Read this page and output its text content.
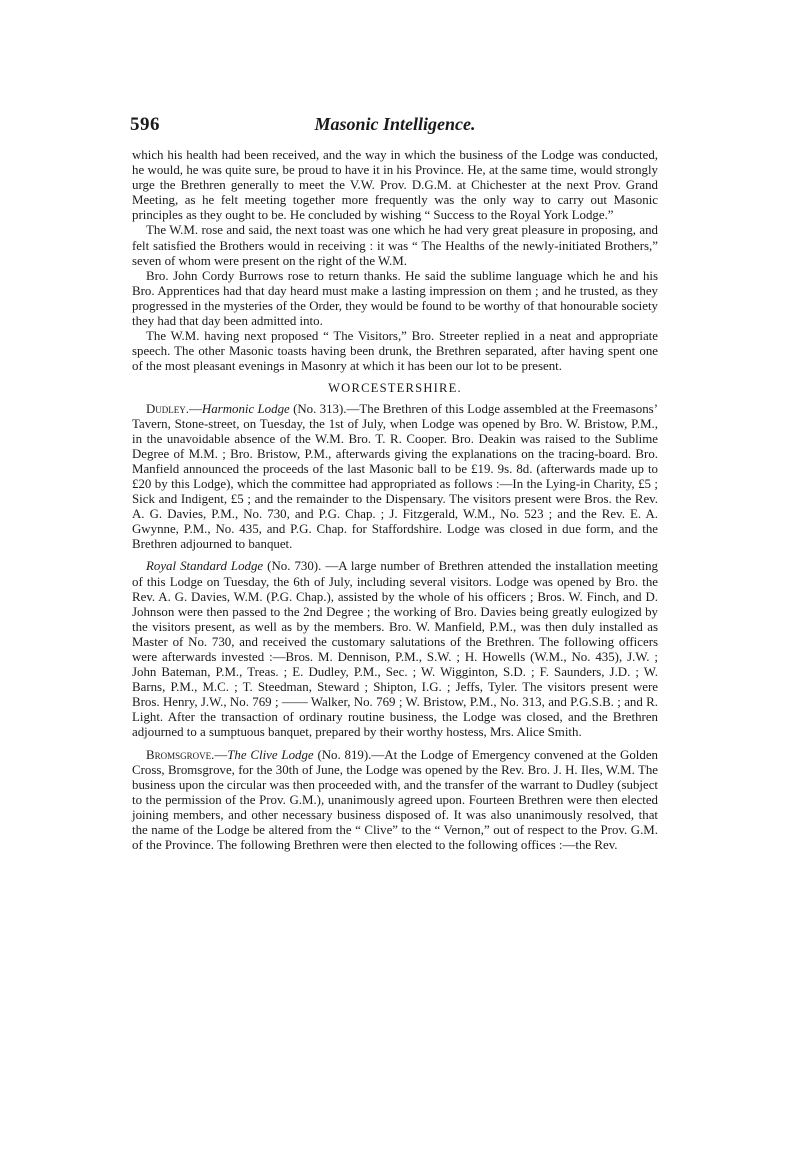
596	Masonic Intelligence.

which his health had been received, and the way in which the business of the Lodge was conducted, he would, he was quite sure, be proud to have it in his Province. He, at the same time, would strongly urge the Brethren generally to meet the V.W. Prov. D.G.M. at Chichester at the next Prov. Grand Meeting, as he felt meeting together more frequently was the only way to carry out Masonic principles as they ought to be. He concluded by wishing “ Success to the Royal York Lodge.”

The W.M. rose and said, the next toast was one which he had very great pleasure in proposing, and felt satisfied the Brothers would in receiving : it was “ The Healths of the newly-initiated Brothers,” seven of whom were present on the right of the W.M.

Bro. John Cordy Burrows rose to return thanks. He said the sublime language which he and his Bro. Apprentices had that day heard must make a lasting impression on them ; and he trusted, as they progressed in the mysteries of the Order, they would be found to be worthy of that honourable society they had that day been admitted into.

The W.M. having next proposed “ The Visitors,” Bro. Streeter replied in a neat and appropriate speech. The other Masonic toasts having been drunk, the Brethren separated, after having spent one of the most pleasant evenings in Masonry at which it has been our lot to be present.

WORCESTERSHIRE.

Dudley.—Harmonic Lodge (No. 313).—The Brethren of this Lodge assembled at the Freemasons’ Tavern, Stone-street, on Tuesday, the 1st of July, when Lodge was opened by Bro. W. Bristow, P.M., in the unavoidable absence of the W.M. Bro. T. R. Cooper. Bro. Deakin was raised to the Sublime Degree of M.M. ; Bro. Bristow, P.M., afterwards giving the explanations on the tracing-board. Bro. Manfield announced the proceeds of the last Masonic ball to be £19. 9s. 8d. (afterwards made up to £20 by this Lodge), which the committee had appropriated as follows :—In the Lying-in Charity, £5 ; Sick and Indigent, £5 ; and the remainder to the Dispensary. The visitors present were Bros. the Rev. A. G. Davies, P.M., No. 730, and P.G. Chap. ; J. Fitzgerald, W.M., No. 523 ; and the Rev. E. A. Gwynne, P.M., No. 435, and P.G. Chap. for Staffordshire. Lodge was closed in due form, and the Brethren adjourned to banquet.

Royal Standard Lodge (No. 730). —A large number of Brethren attended the installation meeting of this Lodge on Tuesday, the 6th of July, including several visitors. Lodge was opened by Bro. the Rev. A. G. Davies, W.M. (P.G. Chap.), assisted by the whole of his officers ; Bros. W. Finch, and D. Johnson were then passed to the 2nd Degree ; the working of Bro. Davies being greatly eulogized by the visitors present, as well as by the members. Bro. W. Manfield, P.M., was then duly installed as Master of No. 730, and received the customary salutations of the Brethren. The following officers were afterwards invested :—Bros. M. Dennison, P.M., S.W. ; H. Howells (W.M., No. 435), J.W. ; John Bateman, P.M., Treas. ; E. Dudley, P.M., Sec. ; W. Wigginton, S.D. ; F. Saunders, J.D. ; W. Barns, P.M., M.C. ; T. Steedman, Steward ; Shipton, I.G. ; Jeffs, Tyler. The visitors present were Bros. Henry, J.W., No. 769 ; —— Walker, No. 769 ; W. Bristow, P.M., No. 313, and P.G.S.B. ; and R. Light. After the transaction of ordinary routine business, the Lodge was closed, and the Brethren adjourned to a sumptuous banquet, prepared by their worthy hostess, Mrs. Alice Smith.

Bromsgrove.—The Clive Lodge (No. 819).—At the Lodge of Emergency convened at the Golden Cross, Bromsgrove, for the 30th of June, the Lodge was opened by the Rev. Bro. J. H. Iles, W.M. The business upon the circular was then proceeded with, and the transfer of the warrant to Dudley (subject to the permission of the Prov. G.M.), unanimously agreed upon. Fourteen Brethren were then elected joining members, and other necessary business disposed of. It was also unanimously resolved, that the name of the Lodge be altered from the “ Clive” to the “ Vernon,” out of respect to the Prov. G.M. of the Province. The following Brethren were then elected to the following offices :—the Rev.
